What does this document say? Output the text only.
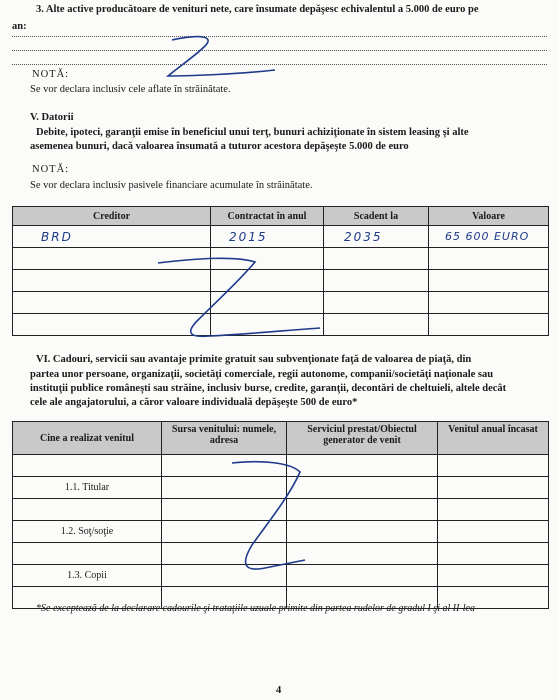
3. Alte active producătoare de venituri nete, care însumate depăşesc echivalentul a 5.000 de euro pe
an:
NOTĂ:
Se vor declara inclusiv cele aflate în străinătate.
V. Datorii
Debite, ipoteci, garanţii emise în beneficiul unui terţ, bunuri achiziţionate în sistem leasing şi alte
asemenea bunuri, dacă valoarea însumată a tuturor acestora depăşeşte 5.000 de euro
NOTĂ:
Se vor declara inclusiv pasivele financiare acumulate în străinătate.
Creditor	Contractat în anul	Scadent la	Valoare
BRD	2015	2035	65 600 EURO

VI. Cadouri, servicii sau avantaje primite gratuit sau subvenţionate faţă de valoarea de piaţă, din
partea unor persoane, organizaţii, societăţi comerciale, regii autonome, companii/societăţi naţionale sau
instituţii publice româneşti sau străine, inclusiv burse, credite, garanţii, decontări de cheltuieli, altele decât
cele ale angajatorului, a căror valoare individuală depăşeşte 500 de euro*
Cine a realizat venitul	Sursa venitului: numele, adresa	Serviciul prestat/Obiectul generator de venit	Venitul anual încasat

1.1. Titular			

1.2. Soţ/soţie			

1.3. Copii			

*Se exceptează de la declarare cadourile şi trataţiile uzuale primite din partea rudelor de gradul I şi al II-lea
4
